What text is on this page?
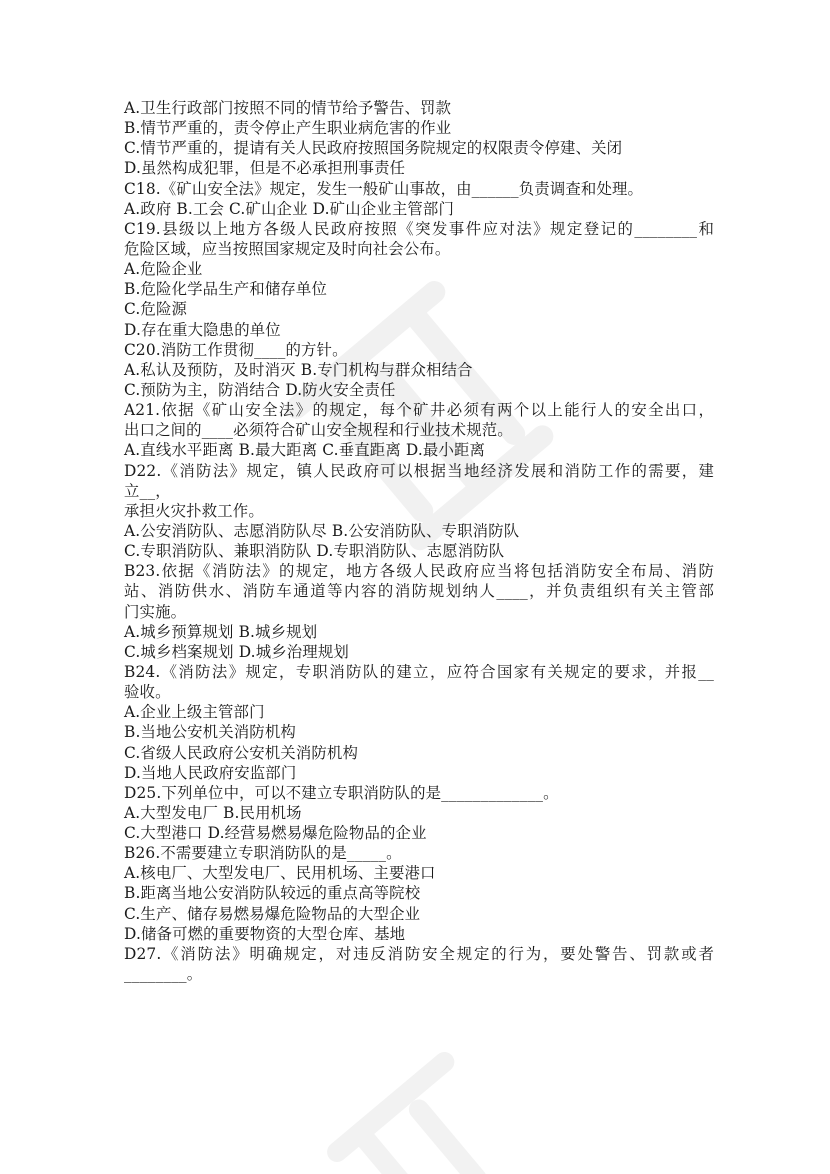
A.卫生行政部门按照不同的情节给予警告、罚款
B.情节严重的，责令停止产生职业病危害的作业
C.情节严重的，提请有关人民政府按照国务院规定的权限责令停建、关闭
D.虽然构成犯罪，但是不必承担刑事责任
C18.《矿山安全法》规定，发生一般矿山事故，由______负责调查和处理。
A.政府 B.工会 C.矿山企业 D.矿山企业主管部门
C19.县级以上地方各级人民政府按照《突发事件应对法》规定登记的________和
危险区域，应当按照国家规定及时向社会公布。
A.危险企业
B.危险化学品生产和储存单位
C.危险源
D.存在重大隐患的单位
C20.消防工作贯彻____的方针。
A.私认及预防，及时消灭 B.专门机构与群众相结合
C.预防为主，防消结合 D.防火安全责任
A21.依据《矿山安全法》的规定，每个矿井必须有两个以上能行人的安全出口，
出口之间的____必须符合矿山安全规程和行业技术规范。
A.直线水平距离 B.最大距离 C.垂直距离 D.最小距离
D22.《消防法》规定，镇人民政府可以根据当地经济发展和消防工作的需要，建
立__，
承担火灾扑救工作。
A.公安消防队、志愿消防队尽 B.公安消防队、专职消防队
C.专职消防队、兼职消防队 D.专职消防队、志愿消防队
B23.依据《消防法》的规定，地方各级人民政府应当将包括消防安全布局、消防
站、消防供水、消防车通道等内容的消防规划纳人____，并负责组织有关主管部
门实施。
A.城乡预算规划 B.城乡规划
C.城乡档案规划 D.城乡治理规划
B24.《消防法》规定，专职消防队的建立，应符合国家有关规定的要求，并报__
验收。
A.企业上级主管部门
B.当地公安机关消防机构
C.省级人民政府公安机关消防机构
D.当地人民政府安监部门
D25.下列单位中，可以不建立专职消防队的是_____________。
A.大型发电厂 B.民用机场
C.大型港口 D.经营易燃易爆危险物品的企业
B26.不需要建立专职消防队的是_____。
A.核电厂、大型发电厂、民用机场、主要港口
B.距离当地公安消防队较远的重点高等院校
C.生产、储存易燃易爆危险物品的大型企业
D.储备可燃的重要物资的大型仓库、基地
D27.《消防法》明确规定，对违反消防安全规定的行为，要处警告、罚款或者
________。
